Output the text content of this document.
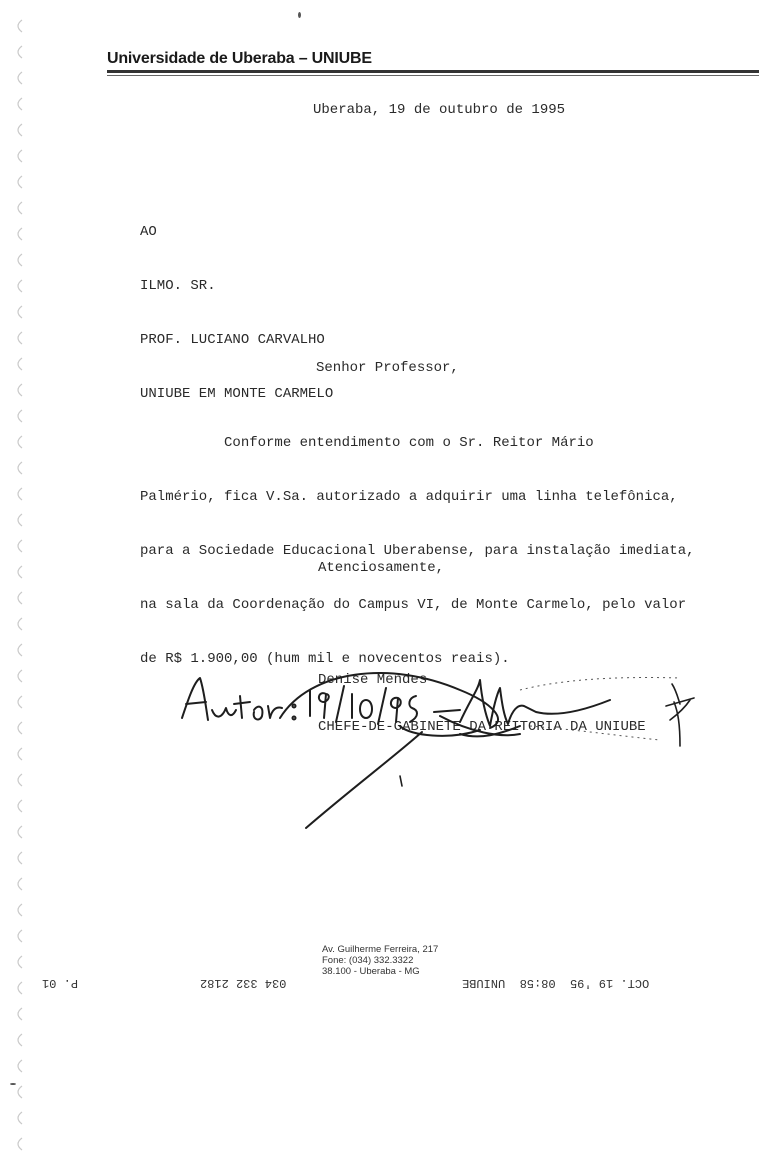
Universidade de Uberaba – UNIUBE
Uberaba, 19 de outubro de 1995

AO

ILMO. SR.

PROF. LUCIANO CARVALHO

UNIUBE EM MONTE CARMELO

Senhor Professor,

Conforme entendimento com o Sr. Reitor Mário

Palmério, fica V.Sa. autorizado a adquirir uma linha telefônica,

para a Sociedade Educacional Uberabense, para instalação imediata,

na sala da Coordenação do Campus VI, de Monte Carmelo, pelo valor

de R$ 1.900,00 (hum mil e novecentos reais).

Atenciosamente,

Denise Mendes

CHEFE-DE-GABINETE DA REITORIA DA UNIUBE

Av. Guilherme Ferreira, 217
Fone: (034) 332.3322
38.100 - Uberaba - MG
OCT. 19 '95  08:58  UNIUBE
034 332 2182
P. 01
